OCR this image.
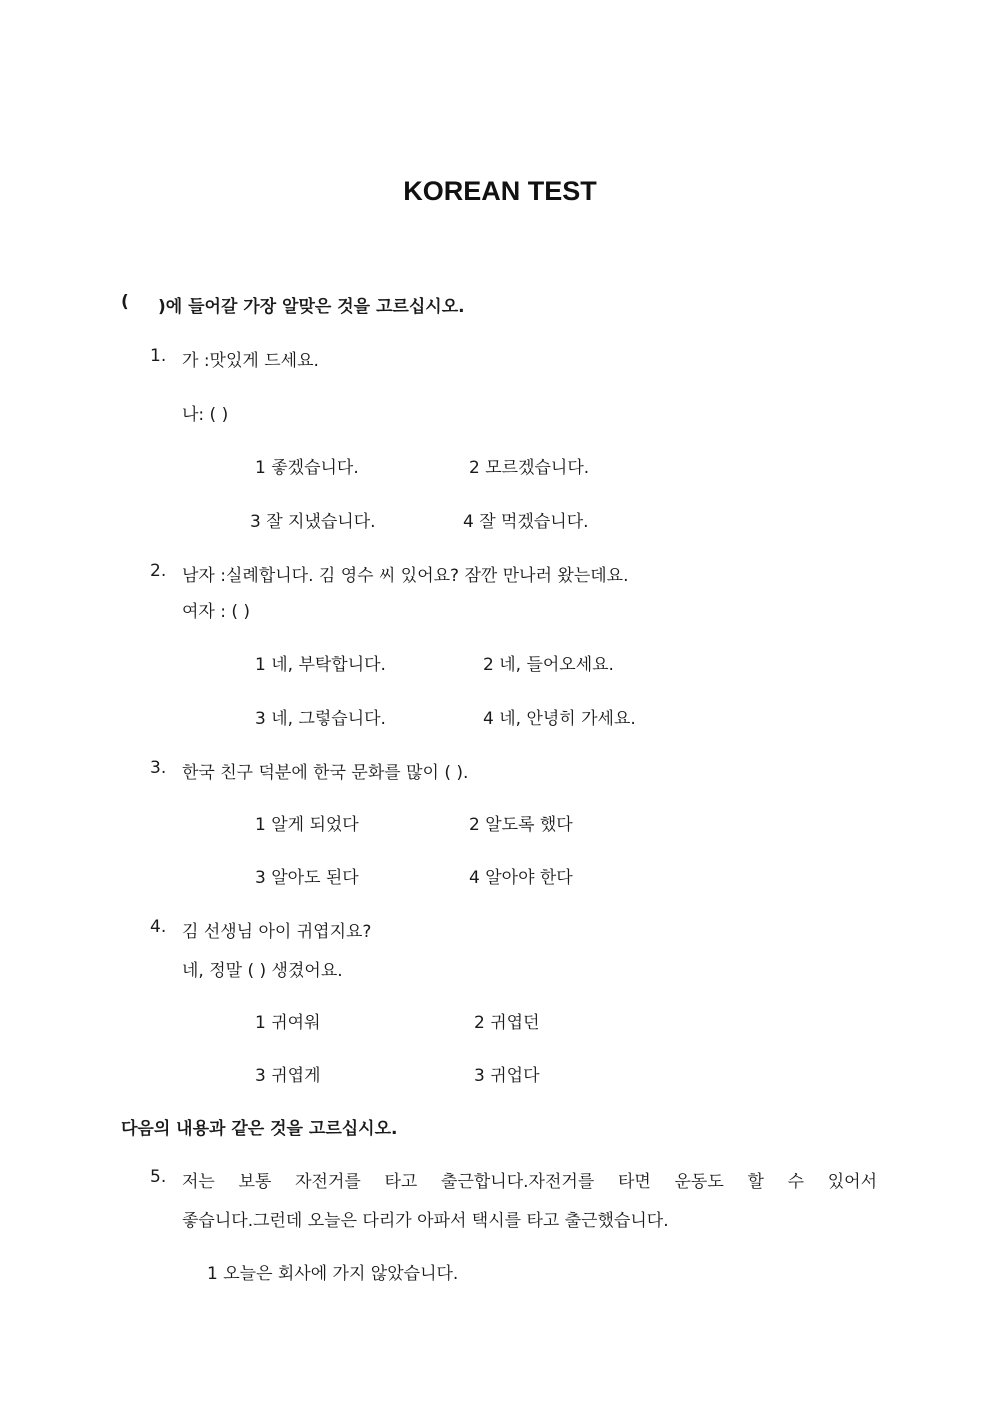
KOREAN TEST
( )에 들어갈 가장 알맞은 것을 고르십시오.
1. 가 :맛있게 드세요.
나: ( )
1 좋겠습니다.	2 모르겠습니다.
3 잘 지냈습니다.	4 잘 먹겠습니다.
2. 남자 :실례합니다. 김 영수 씨 있어요? 잠깐 만나러 왔는데요.
여자 : ( )
1 네, 부탁합니다.	2 네, 들어오세요.
3 네, 그렇습니다.	4 네, 안녕히 가세요.
3. 한국 친구 덕분에 한국 문화를 많이 ( ).
1 알게 되었다	2 알도록 했다
3 알아도 된다	4 알아야 한다
4. 김 선생님 아이 귀엽지요?
네, 정말 ( ) 생겼어요.
1 귀여워	2 귀엽던
3 귀엽게	3 귀업다
다음의 내용과 같은 것을 고르십시오.
5. 저는 보통 자전거를 타고 출근합니다.자전거를 타면 운동도 할 수 있어서
좋습니다.그런데 오늘은 다리가 아파서 택시를 타고 출근했습니다.
1 오늘은 회사에 가지 않았습니다.
